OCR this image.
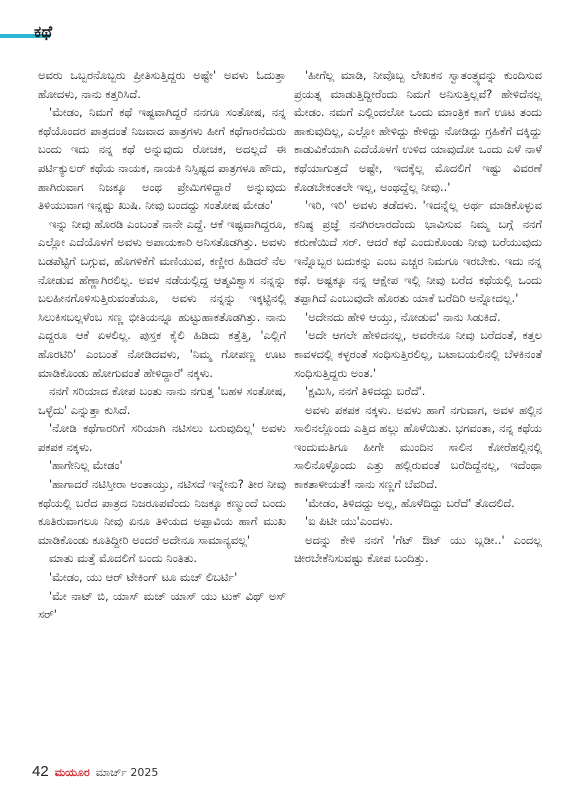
ಕಥೆ

ಅವರು ಒಬ್ಬರನೊಬ್ಬರು ಪ್ರೀತಿಸುತ್ತಿದ್ದರು ಅಷ್ಟೇ' ಅವಳು ಓದುತ್ತಾ ಹೋದಳು, ನಾನು ಕತ್ತರಿಸಿದೆ.

'ಮೇಡಂ, ನಿಮಗೆ ಕಥೆ ಇಷ್ಟವಾಗಿದ್ದರೆ ನನಗೂ ಸಂತೋಷ, ನನ್ನ ಕಥೆಯೊಂದರ ಪಾತ್ರದಂತೆ ನಿಜವಾದ ಪಾತ್ರಗಳು ಹೀಗೆ ಕಥೆಗಾರನೆದುರು ಬಂದು ಇದು ನನ್ನ ಕಥೆ ಅನ್ನುವುದು ರೋಚಕ, ಅದಲ್ಲದೆ ಈ ಪರ್ಟಿಕ್ಯುಲರ್ ಕಥೆಯ ನಾಯಕ, ನಾಯಕಿ ನಿಸ್ಸಿಷ್ಟದ ಪಾತ್ರಗಳೂ ಹೌದು, ಹಾಗಿರುವಾಗ ನಿಜಕ್ಕೂ ಅಂಥ ಪ್ರೇಮಿಗಳಿದ್ದಾರೆ ಅನ್ನುವುದು ತಿಳಿಯುವಾಗ ಇನ್ನಷ್ಟು ಖುಷಿ. ನೀವು ಬಂದದ್ದು ಸಂತೋಷ ಮೇಡಂ'

ಇನ್ನು ನೀವು ಹೊರಡಿ ಎಂಬಂತೆ ನಾನೇ ಎದ್ದೆ. ಆಕೆ ಇಷ್ಟವಾಗಿದ್ದರೂ, ಎಲ್ಲೋ ಎದೆಯೊಳಗೆ ಅವಳು ಅಪಾಯಕಾರಿ ಅನಿಸತೊಡಗಿತ್ತು. ಅವಳು ಬಡಪೆಟ್ಟಿಗೆ ಬಗ್ಗುವ, ಹೊಗಳಿಕೆಗೆ ಮಣಿಯುವ, ಕಣ್ಣೀರ ಹಿಡಿದರೆ ನೆಲ ನೋಡುವ ಹೆಣ್ಣಾಗಿರಲಿಲ್ಲ. ಅವಳ ನಡೆಯಲ್ಲಿದ್ದ ಆತ್ಮವಿಶ್ವಾಸ ನನ್ನನ್ನು ಬಲಹೀನಗೊಳಿಸುತ್ತಿರುವಂತೆಯೂ, ಅವಳು ನನ್ನನ್ನು ಇಕ್ಕಟ್ಟಿನಲ್ಲಿ ಸಿಲುಕಿಸಬಲ್ಲಳೆಂಬ ಸಣ್ಣ ಭೀತಿಯನ್ನೂ ಹುಟ್ಟುಹಾಕತೊಡಗಿತ್ತು. ನಾನು ಎದ್ದರೂ ಆಕೆ ಏಳಲಿಲ್ಲ. ಪುಸ್ತಕ ಕೈಲಿ ಹಿಡಿದು ಕತ್ತೆತ್ತಿ, 'ಎಲ್ಲಿಗೆ ಹೊರಟಿರಿ' ಎಂಬಂತೆ ನೋಡಿದವಳು, 'ನಿಮ್ಮ ಗೋಪಣ್ಣ ಊಟ ಮಾಡಿಕೊಂಡು ಹೋಗುವಂತೆ ಹೇಳಿದ್ದಾರೆ' ನಕ್ಕಳು.

ನನಗೆ ಸರಿಯಾದ ಕೋಪ ಬಂತು ನಾನು ನಗುತ್ತ 'ಬಹಳ ಸಂತೋಷ, ಒಳ್ಳೆದು' ಎನ್ನುತ್ತಾ ಕುಸಿದೆ.

'ನೋಡಿ ಕಥೆಗಾರರಿಗೆ ಸರಿಯಾಗಿ ನಟಿಸಲು ಬರುವುದಿಲ್ಲ' ಅವಳು ಪಕಪಕ ನಕ್ಕಳು.

'ಹಾಗೇನಿಲ್ಲ ಮೇಡಂ'

'ಹಾಗಾದರೆ ನಟಿಸ್ತೀರಾ ಅಂತಾಯ್ತು, ನಟಿಸದೆ ಇನ್ನೇನು? ತೀರ ನೀವು ಕಥೆಯಲ್ಲಿ ಬರೆದ ಪಾತ್ರದ ನಿಜರೂಪವೆಂದು ನಿಜಕ್ಕೂ ಕಣ್ಮುಂದೆ ಬಂದು ಕೂತಿರುವಾಗಲೂ ನೀವು ಏನೂ ತಿಳಿಯದ ಅಪ್ಪಾವಿಯ ಹಾಗೆ ಮುಖ ಮಾಡಿಕೊಂಡು ಕೂತಿದ್ದೀರಿ ಅಂದರೆ ಅದೇನೂ ಸಾಮಾನ್ಯವಲ್ಲ'

ಮಾತು ಮತ್ತೆ ಮೊದಲಿಗೆ ಬಂದು ನಿಂತಿತು.

'ಮೇಡಂ, ಯು ಆರ್ ಟೇಕಿಂಗ್ ಟೂ ಮಚ್ ಲಿಬರ್ಟಿ'

'ಮೇ ನಾಟ್ ಬಿ, ಯಾಸ್ ಮಚ್ ಯಾಸ್ ಯು ಟುಕ್ ವಿಥ್ ಅಸ್ ಸರ್'

'ಹೀಗೆಲ್ಲ ಮಾಡಿ, ನೀವೊಬ್ಬ ಲೇಖಕನ ಸ್ವಾತಂತ್ರ್ಯವನ್ನು ಕುಂದಿಸುವ ಪ್ರಯತ್ನ ಮಾಡುತ್ತಿದ್ದೀರೆಂದು ನಿಮಗೆ ಅನಿಸುತ್ತಿಲ್ಲವೆ? ಹೇಳಿದೆನಲ್ಲ ಮೇಡಂ. ನಮಗೆ ಎಲ್ಲಿಂದಲೋ ಒಂದು ಮಾಂತ್ರಿಕ ಕಾಗೆ ಊಟ ತಂದು ಹಾಕುವುದಿಲ್ಲ, ಎಲ್ಲೋ ಹೇಳಿದ್ದು ಕೇಳಿದ್ದು ನೋಡಿದ್ದು ಗ್ರಹಿಕೆಗೆ ದಕ್ಕಿದ್ದು ಕಾಡುವಿಕೆಯಾಗಿ ಎದೆಯೊಳಗೆ ಉಳಿದ ಯಾವುದೋ ಒಂದು ಎಳೆ ನಾಳೆ ಕಥೆಯಾಗುತ್ತದೆ ಅಷ್ಟೇ, ಇದಕ್ಕೆಲ್ಲ ಮೊದಲಿಗೆ ಇಷ್ಟು ವಿವರಣೆ ಕೊಡಬೇಕಂತಲೇ ಇಲ್ಲ, ಅಂಥದ್ದೆಲ್ಲ ನೀವು..'

'ಇರಿ, ಇರಿ' ಅವಳು ತಡೆದಳು. 'ಇದನ್ನೆಲ್ಲ ಅರ್ಥ ಮಾಡಿಕೊಳ್ಳುವ ಕನಿಷ್ಠ ಪ್ರಜ್ಞೆ ನನಗಿರಲಾರದೆಂದು ಭಾವಿಸುವ ನಿಮ್ಮ ಬಗ್ಗೆ ನನಗೆ ಕರುಣೆಯಿದೆ ಸರ್. ಆದರೆ ಕಥೆ ಎಂದುಕೊಂಡು ನೀವು ಬರೆಯುವುದು ಇನ್ನೊಬ್ಬರ ಬದುಕನ್ನು ಎಂಬ ಎಚ್ಚರ ನಿಮಗೂ ಇರಬೇಕು. ಇದು ನನ್ನ ಕಥೆ. ಅಷ್ಟಕ್ಕೂ ನನ್ನ ಆಕ್ಷೇಪ ಇಲ್ಲಿ ನೀವು ಬರೆದ ಕಥೆಯಲ್ಲಿ ಒಂದು ತಪ್ಪಾಗಿದೆ ಎಂಬುವುದೇ ಹೊರತು ಯಾಕೆ ಬರೆದಿರಿ ಅನ್ನೋದಲ್ಲ.'

'ಅದೇನದು ಹೇಳಿ ಆಯ್ತು, ನೋಡುವ' ನಾನು ಸಿಡುಕಿದೆ.

'ಅದೇ ಆಗಲೇ ಹೇಳಿದನಲ್ಲ, ಅವರೇನೂ ನೀವು ಬರೆದಂತೆ, ಕತ್ತಲ ಕಾವಳದಲ್ಲಿ ಕಳ್ಳರಂತೆ ಸಂಧಿಸುತ್ತಿರಲಿಲ್ಲ, ಬಟಾಬಯಲಿನಲ್ಲಿ ಬೆಳಕಿನಂತೆ ಸಂಧಿಸುತ್ತಿದ್ದರು ಅಂತ.'

'ಕ್ಷಮಿಸಿ, ನನಗೆ ತಿಳಿದದ್ದು ಬರೆದೆ'.

ಅವಳು ಪಕಪಕ ನಕ್ಕಳು. ಅವಳು ಹಾಗೆ ನಗುವಾಗ, ಅವಳ ಹಲ್ಲಿನ ಸಾಲಿನಲ್ಲೊಂದು ಎತ್ತಿದ ಹಲ್ಲು ಹೊಳೆಯಿತು. ಭಗವಂತಾ, ನನ್ನ ಕಥೆಯ ಇಂದುಮತಿಗೂ ಹೀಗೇ ಮುಂದಿನ ಸಾಲಿನ ಕೋರೆಹಲ್ಲಿನಲ್ಲಿ ಸಾಲಿನೊಳ್ಳೊಂದು ಎತ್ತು ಹಲ್ಲಿರುವಂತೆ ಬರೆದಿದ್ದೆನಲ್ಲ, ಇದೆಂಥಾ ಕಾಕತಾಳೀಯತೆ! ನಾನು ಸಣ್ಣಗೆ ಬೆವರಿದೆ.

'ಮೇಡಂ, ತಿಳಿದದ್ದು ಅಲ್ಲ, ಹೊಳೆದಿದ್ದು ಬರೆದೆ' ತೊದಲಿದೆ.

'ಐ ಪಿಟೀ ಯು'ಎಂದಳು.

ಅದನ್ನು ಕೇಳಿ ನನಗೆ 'ಗೆಟ್ ಔಟ್ ಯು ಬ್ಲಡೀ..' ಎಂದಲ್ಲ ಚೀರಬೇಕೆನಿಸುವಷ್ಟು ಕೋಪ ಬಂದಿತ್ತು.

42 ಮಯೂರ ಮಾರ್ಚ್ 2025
